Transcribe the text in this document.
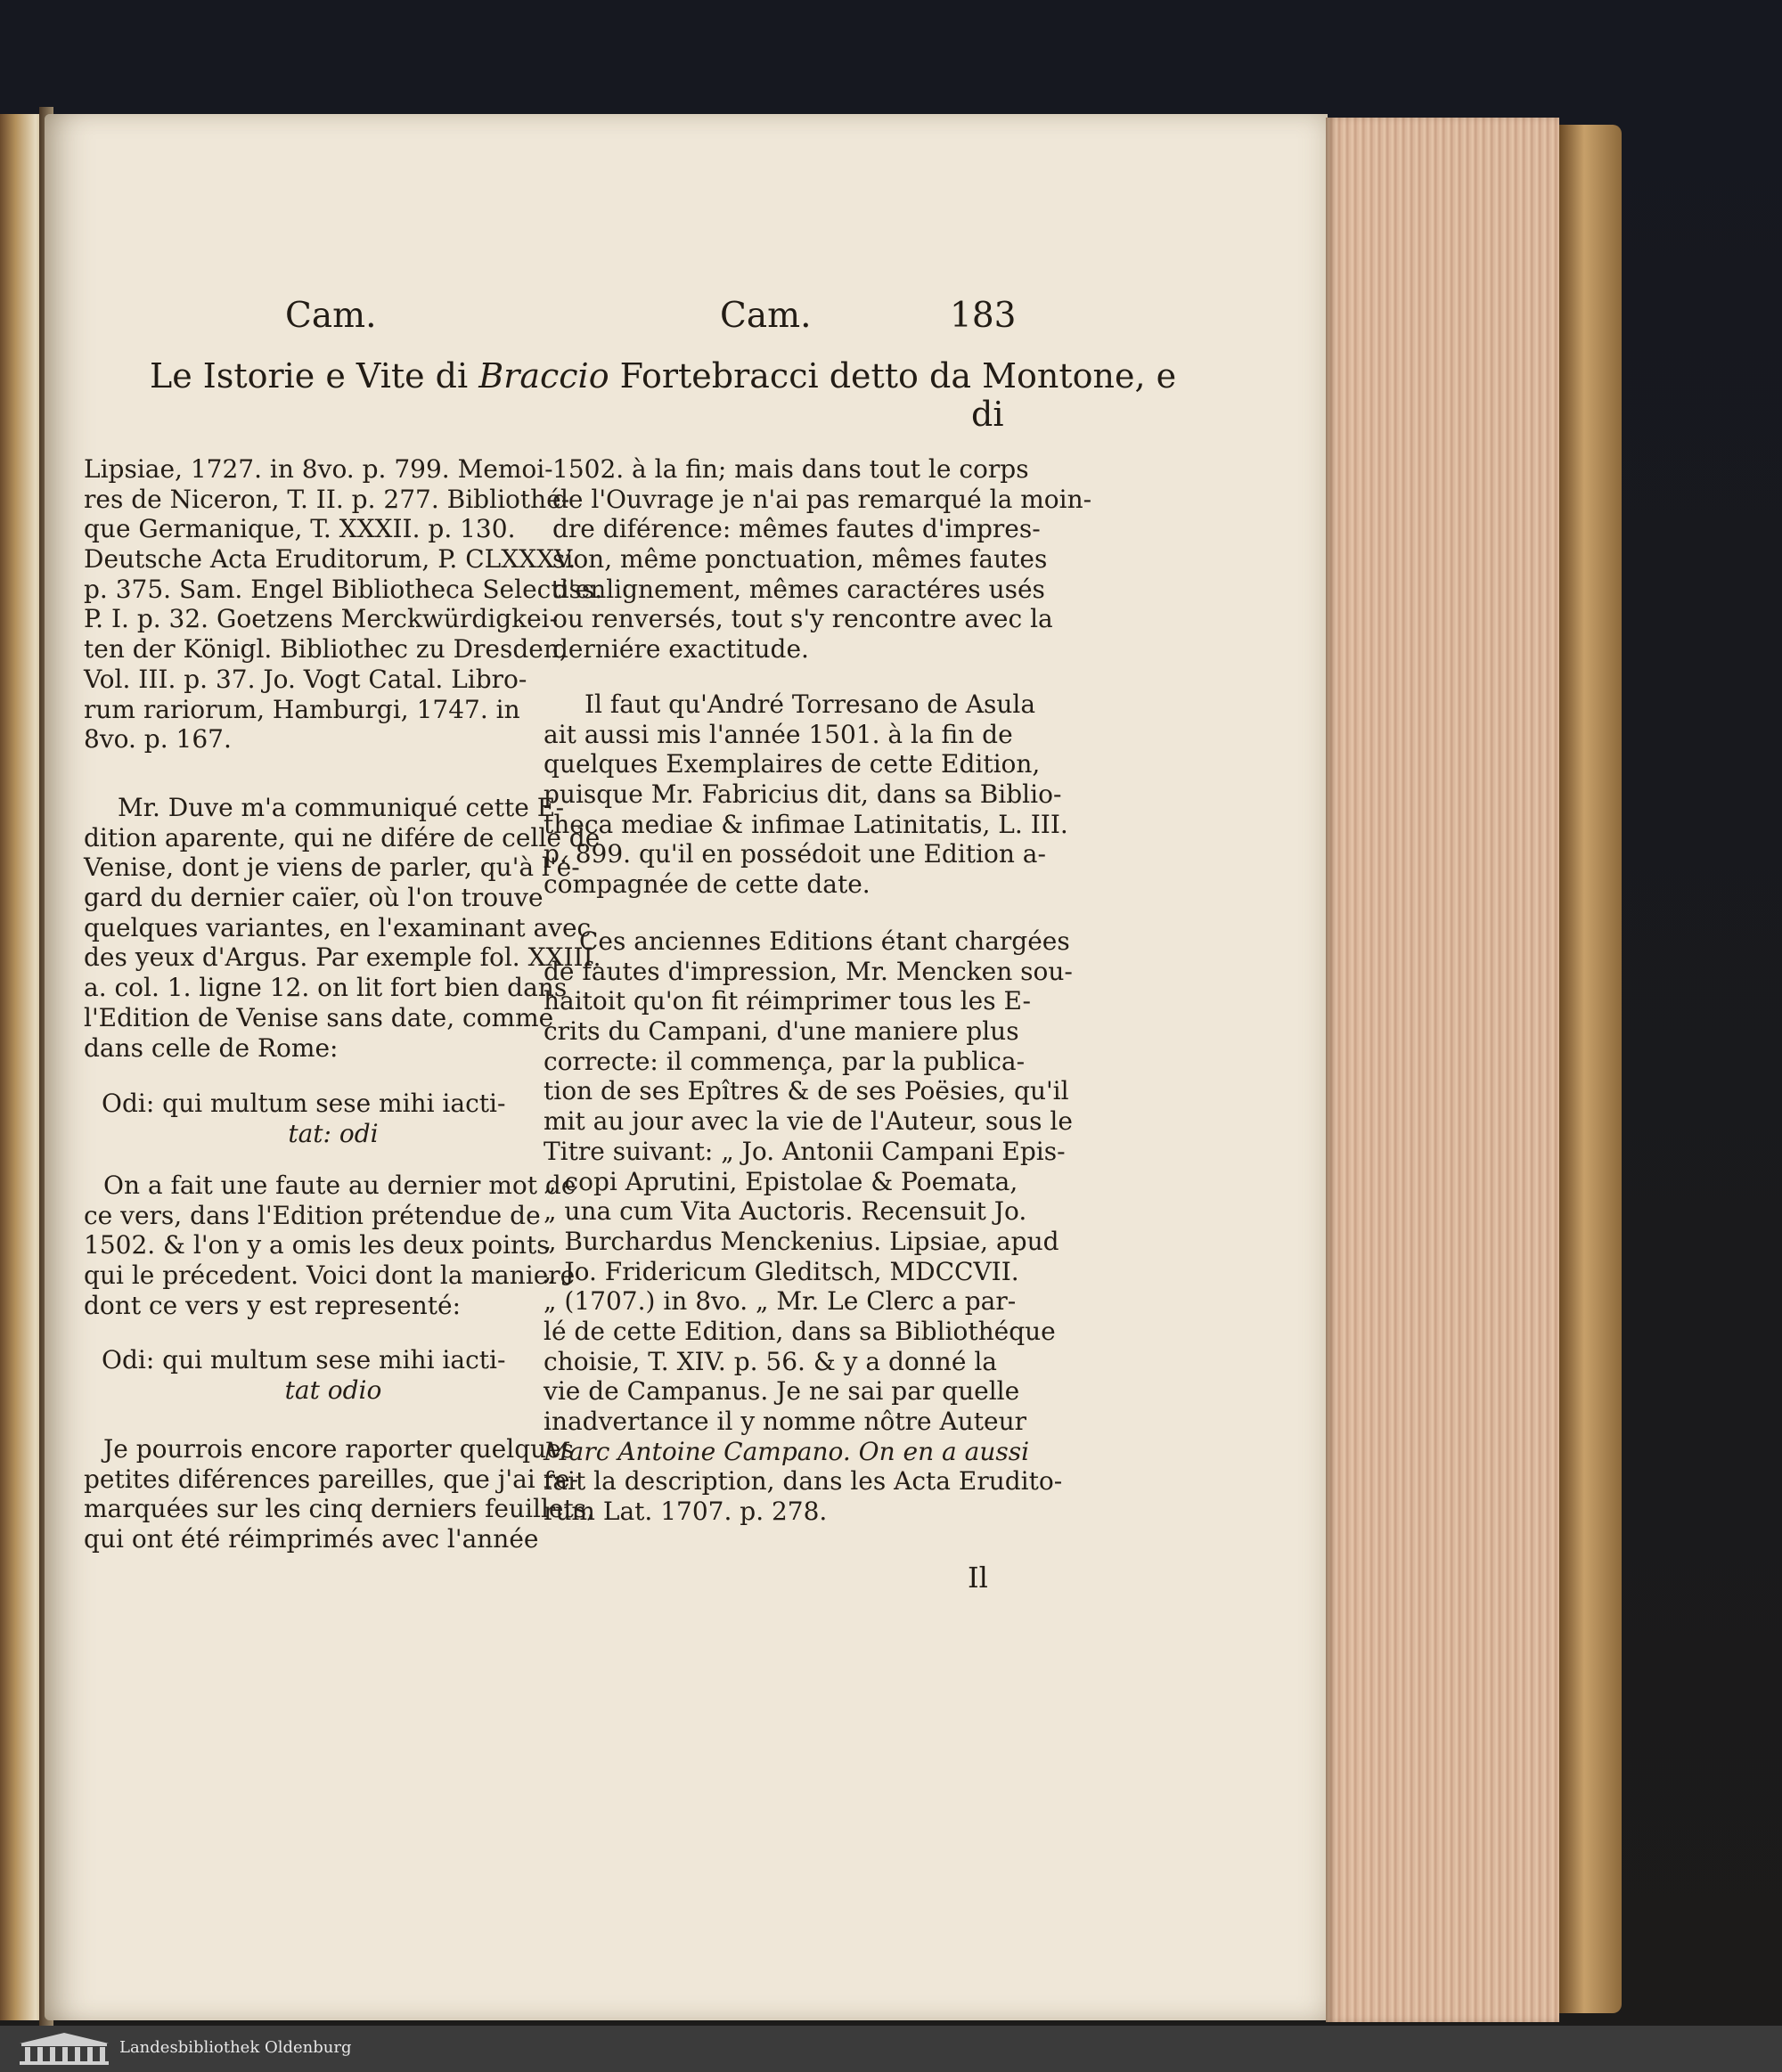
Cam.	Cam.	183

Le Istorie e Vite di Braccio Fortebracci detto da Montone, e

di

Lipsiae, 1727. in 8vo. p. 799. Memoi-
res de Niceron, T. II. p. 277. Bibliothé-
que Germanique, T. XXXII. p. 130.
Deutsche Acta Eruditorum, P. CLXXXV.
p. 375. Sam. Engel Bibliotheca Selectiss.
P. I. p. 32. Goetzens Merckwürdigkei-
ten der Königl. Bibliothec zu Dresden,
Vol. III. p. 37. Jo. Vogt Catal. Libro-
rum rariorum, Hamburgi, 1747. in
8vo. p. 167.
Mr. Duve m'a communiqué cette E-
dition aparente, qui ne difére de celle de
Venise, dont je viens de parler, qu'à l'é-
gard du dernier caïer, où l'on trouve
quelques variantes, en l'examinant avec
des yeux d'Argus. Par exemple fol. XXIII.
a. col. 1. ligne 12. on lit fort bien dans
l'Edition de Venise sans date, comme
dans celle de Rome:
Odi: qui multum sese mihi iacti-
tat: odi
On a fait une faute au dernier mot de
ce vers, dans l'Edition prétendue de
1502. & l'on y a omis les deux points
qui le précedent. Voici dont la maniere
dont ce vers y est representé:
Odi: qui multum sese mihi iacti-
tat odio
Je pourrois encore raporter quelques
petites diférences pareilles, que j'ai re-
marquées sur les cinq derniers feuillets,
qui ont été réimprimés avec l'année
1502. à la fin; mais dans tout le corps
de l'Ouvrage je n'ai pas remarqué la moin-
dre diférence: mêmes fautes d'impres-
sion, même ponctuation, mêmes fautes
d'enlignement, mêmes caractéres usés
ou renversés, tout s'y rencontre avec la
derniére exactitude.
Il faut qu'André Torresano de Asula
ait aussi mis l'année 1501. à la fin de
quelques Exemplaires de cette Edition,
puisque Mr. Fabricius dit, dans sa Biblio-
theca mediae & infimae Latinitatis, L. III.
p. 899. qu'il en possédoit une Edition a-
compagnée de cette date.
Ces anciennes Editions étant chargées
de fautes d'impression, Mr. Mencken sou-
haitoit qu'on fit réimprimer tous les E-
crits du Campani, d'une maniere plus
correcte: il commença, par la publica-
tion de ses Epîtres & de ses Poësies, qu'il
mit au jour avec la vie de l'Auteur, sous le
Titre suivant: „ Jo. Antonii Campani Epis-
„ copi Aprutini, Epistolae & Poemata,
„ una cum Vita Auctoris. Recensuit Jo.
„ Burchardus Menckenius. Lipsiae, apud
„ Jo. Fridericum Gleditsch, MDCCVII.
„ (1707.) in 8vo. „ Mr. Le Clerc a par-
lé de cette Edition, dans sa Bibliothéque
choisie, T. XIV. p. 56. & y a donné la
vie de Campanus. Je ne sai par quelle
inadvertance il y nomme nôtre Auteur
Marc Antoine Campano. On en a aussi
fait la description, dans les Acta Erudito-
rum Lat. 1707. p. 278.

Il

Landesbibliothek Oldenburg
